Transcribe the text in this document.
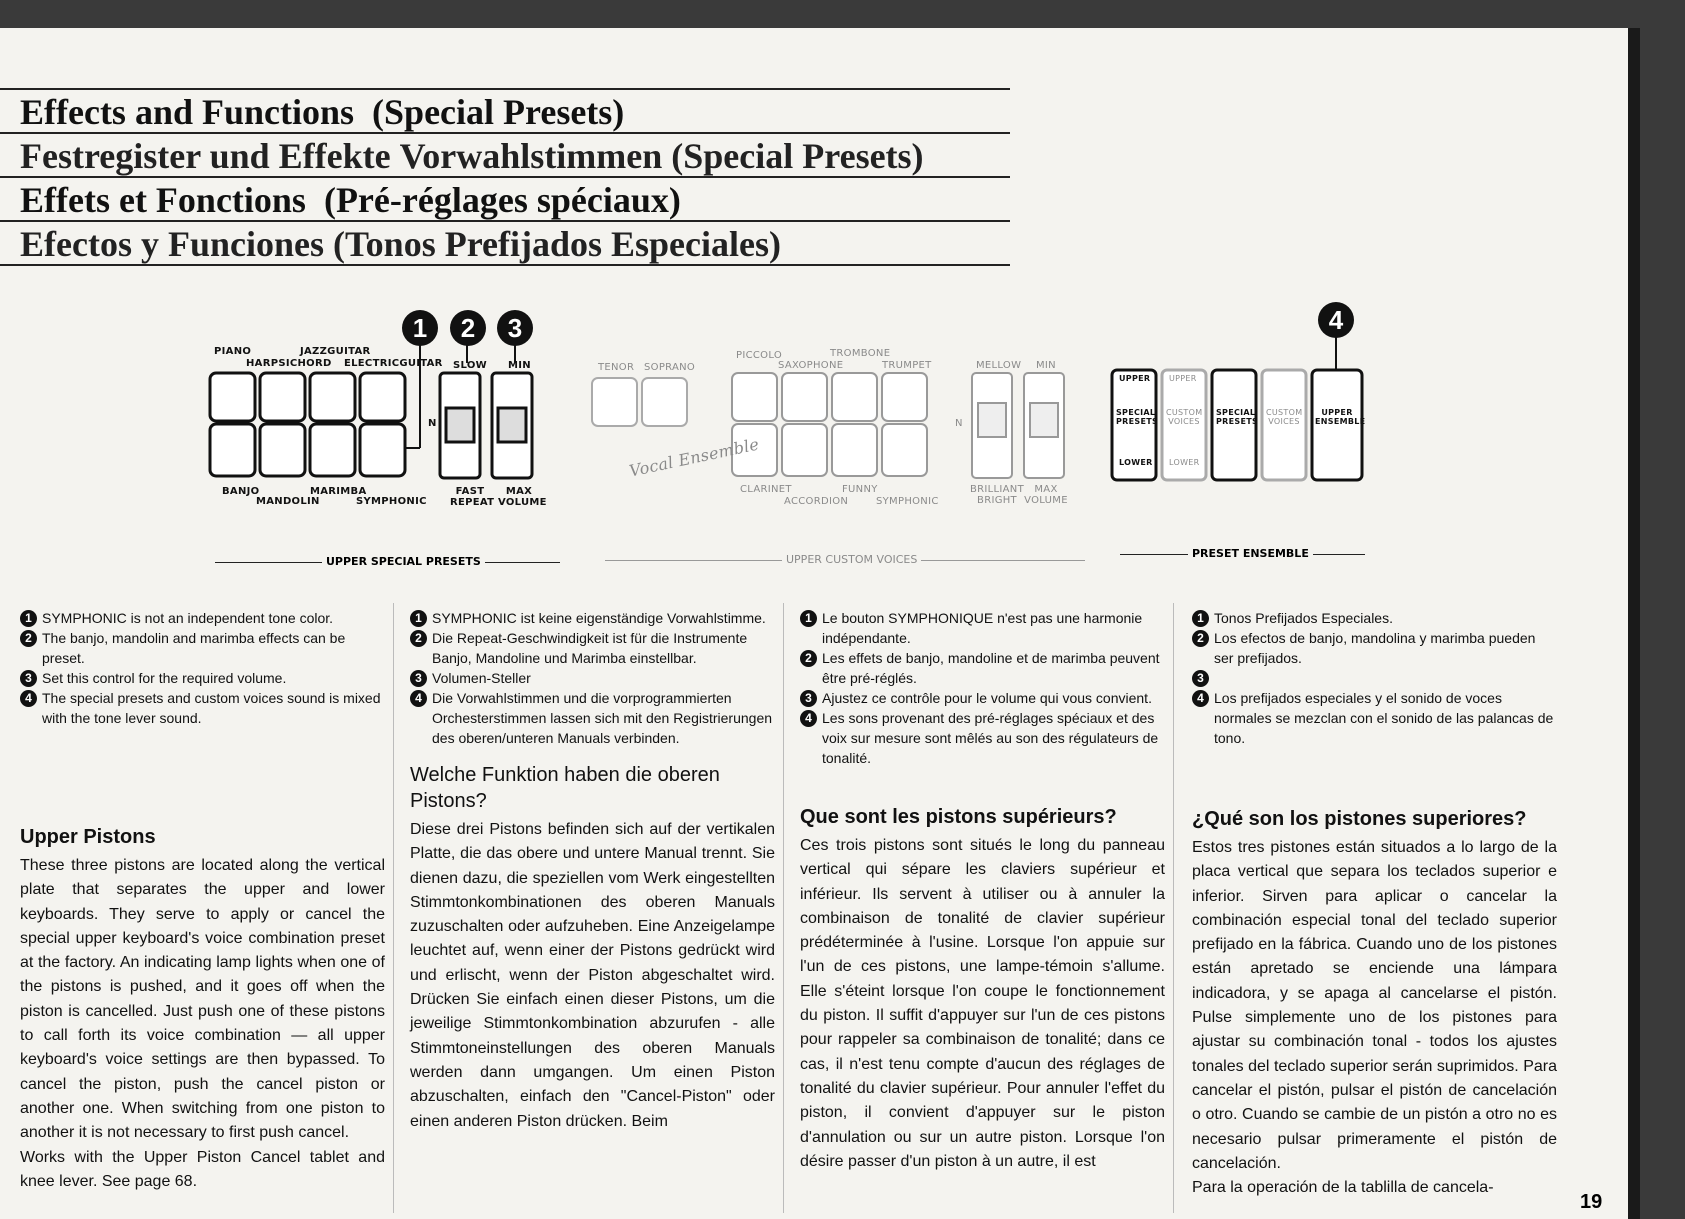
Effects and Functions (Special Presets)
Festregister und Effekte Vorwahlstimmen (Special Presets)
Effets et Fonctions (Pré-réglages spéciaux)
Efectos y Funciones (Tonos Prefijados Especiales)
1	2	3	4
PIANO
HARPSICHORD
JAZZGUITAR
ELECTRICGUITAR SLOW MIN
N
BANJO
MANDOLIN
MARIMBA
SYMPHONIC
FAST REPEAT
MAX VOLUME
TENOR SOPRANO
Vocal Ensemble
PICCOLO
SAXOPHONE
TROMBONE
TRUMPET	MELLOW MIN
N
CLARINET
ACCORDION
FUNNY
SYMPHONIC
BRILLIANT BRIGHT
MAX VOLUME
UPPER
SPECIAL PRESETS
LOWER
UPPER
CUSTOM VOICES
LOWER
SPECIAL PRESETS
CUSTOM VOICES
UPPER ENSEMBLE
UPPER SPECIAL PRESETS	UPPER CUSTOM VOICES	PRESET ENSEMBLE
1 SYMPHONIC is not an independent tone color.
2 The banjo, mandolin and marimba effects can be preset.
3 Set this control for the required volume.
4 The special presets and custom voices sound is mixed with the tone lever sound.
Upper Pistons
These three pistons are located along the vertical plate that separates the upper and lower keyboards. They serve to apply or cancel the special upper keyboard's voice combination preset at the factory. An indicating lamp lights when one of the pistons is pushed, and it goes off when the piston is cancelled. Just push one of these pistons to call forth its voice combination — all upper keyboard's voice settings are then bypassed. To cancel the piston, push the cancel piston or another one. When switching from one piston to another it is not necessary to first push cancel.
Works with the Upper Piston Cancel tablet and knee lever. See page 68.
1 SYMPHONIC ist keine eigenständige Vorwahlstimme.
2 Die Repeat-Geschwindigkeit ist für die Instrumente Banjo, Mandoline und Marimba einstellbar.
3 Volumen-Steller
4 Die Vorwahlstimmen und die vorprogrammierten Orchesterstimmen lassen sich mit den Registrierungen des oberen/unteren Manuals verbinden.
Welche Funktion haben die oberen Pistons?
Diese drei Pistons befinden sich auf der vertikalen Platte, die das obere und untere Manual trennt. Sie dienen dazu, die speziellen vom Werk eingestellten Stimmtonkombinationen des oberen Manuals zuzuschalten oder aufzuheben. Eine Anzeigelampe leuchtet auf, wenn einer der Pistons gedrückt wird und erlischt, wenn der Piston abgeschaltet wird. Drücken Sie einfach einen dieser Pistons, um die jeweilige Stimmtonkombination abzurufen - alle Stimmtoneinstellungen des oberen Manuals werden dann umgangen. Um einen Piston abzuschalten, einfach den "Cancel-Piston" oder einen anderen Piston drücken. Beim
1 Le bouton SYMPHONIQUE n'est pas une harmonie indépendante.
2 Les effets de banjo, mandoline et de marimba peuvent être pré-réglés.
3 Ajustez ce contrôle pour le volume qui vous convient.
4 Les sons provenant des pré-réglages spéciaux et des voix sur mesure sont mêlés au son des régulateurs de tonalité.
Que sont les pistons supérieurs?
Ces trois pistons sont situés le long du panneau vertical qui sépare les claviers supérieur et inférieur. Ils servent à utiliser ou à annuler la combinaison de tonalité de clavier supérieur prédéterminée à l'usine. Lorsque l'on appuie sur l'un de ces pistons, une lampe-témoin s'allume. Elle s'éteint lorsque l'on coupe le fonctionnement du piston. Il suffit d'appuyer sur l'un de ces pistons pour rappeler sa combinaison de tonalité; dans ce cas, il n'est tenu compte d'aucun des réglages de tonalité du clavier supérieur. Pour annuler l'effet du piston, il convient d'appuyer sur le piston d'annulation ou sur un autre piston. Lorsque l'on désire passer d'un piston à un autre, il est
1 Tonos Prefijados Especiales.
2 Los efectos de banjo, mandolina y marimba pueden ser prefijados.
3
4 Los prefijados especiales y el sonido de voces normales se mezclan con el sonido de las palancas de tono.
¿Qué son los pistones superiores?
Estos tres pistones están situados a lo largo de la placa vertical que separa los teclados superior e inferior. Sirven para aplicar o cancelar la combinación especial tonal del teclado superior prefijado en la fábrica. Cuando uno de los pistones están apretado se enciende una lámpara indicadora, y se apaga al cancelarse el pistón. Pulse simplemente uno de los pistones para ajustar su combinación tonal - todos los ajustes tonales del teclado superior serán suprimidos. Para cancelar el pistón, pulsar el pistón de cancelación o otro. Cuando se cambie de un pistón a otro no es necesario pulsar primeramente el pistón de cancelación.
Para la operación de la tablilla de cancela-
19
